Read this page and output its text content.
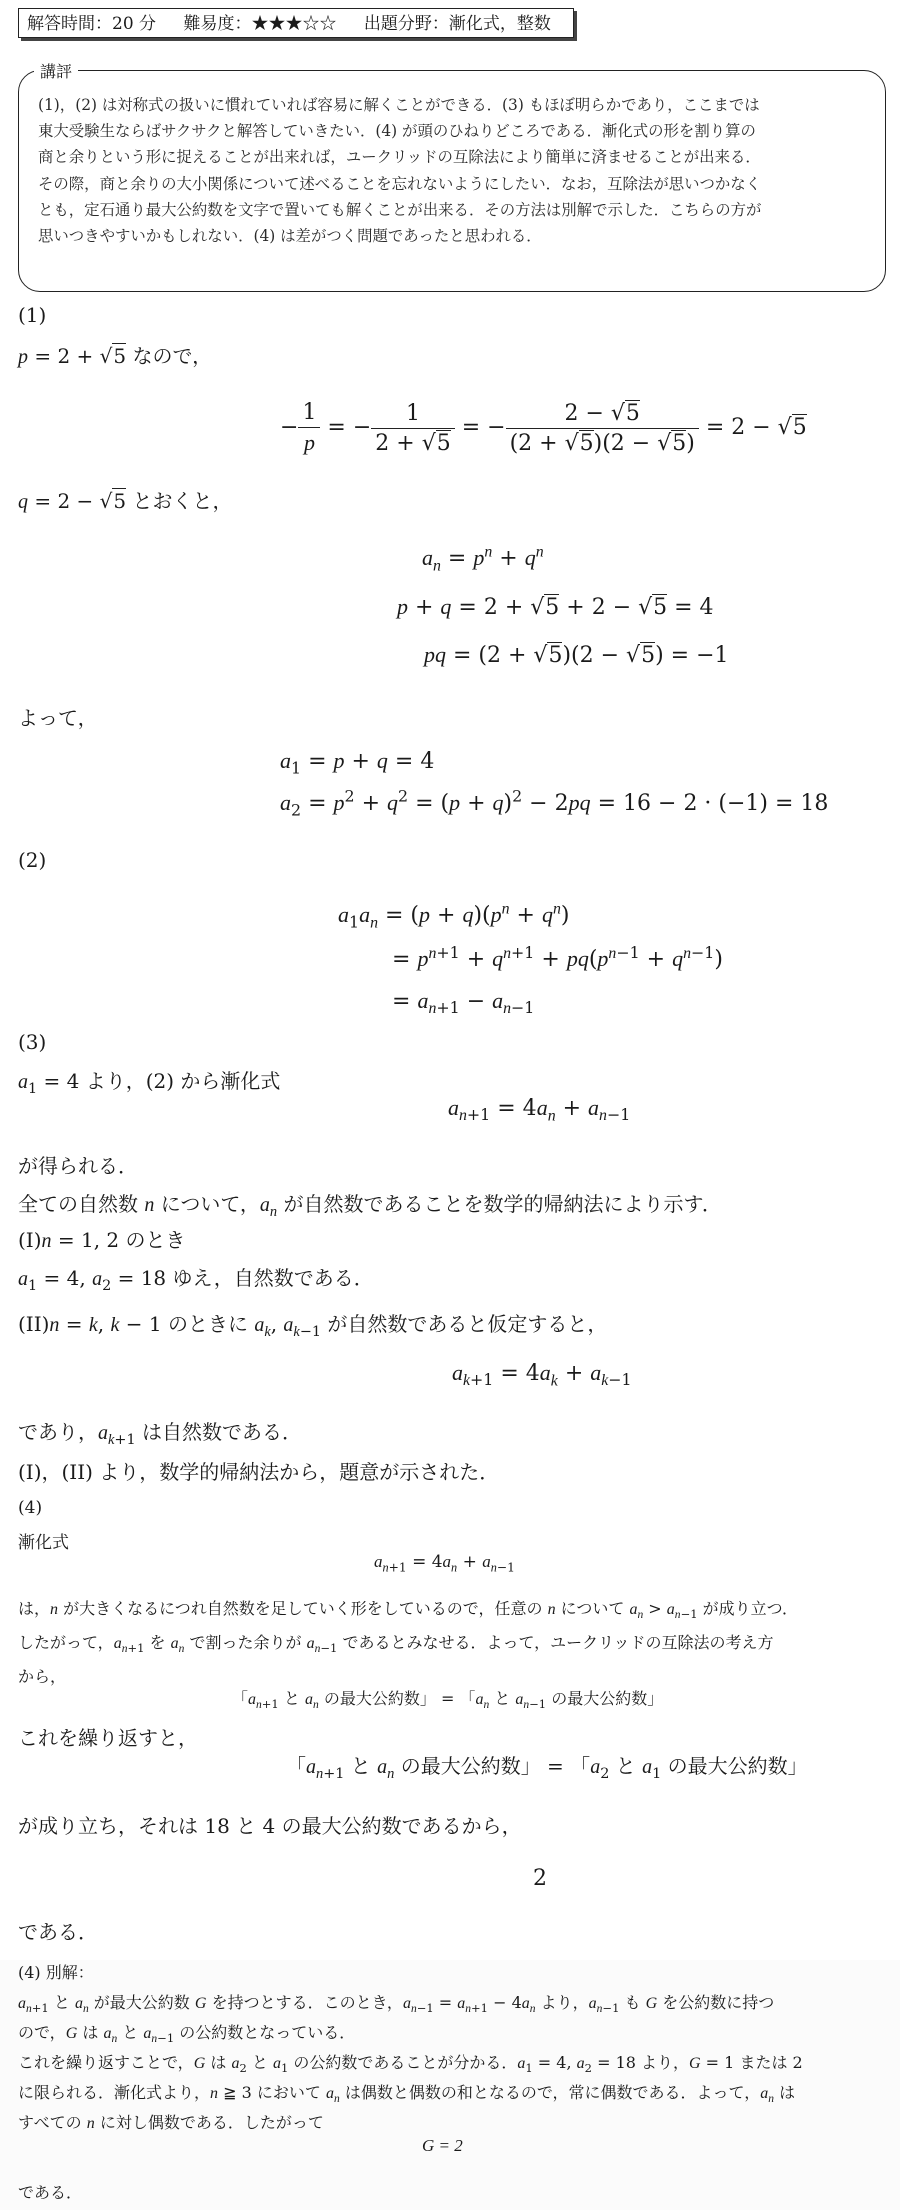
解答時間：20 分 難易度：★★★☆☆ 出題分野：漸化式，整数
講評
(1)，(2) は対称式の扱いに慣れていれば容易に解くことができる．(3) もほぼ明らかであり，ここまでは
東大受験生ならばサクサクと解答していきたい．(4) が頭のひねりどころである．漸化式の形を割り算の
商と余りという形に捉えることが出来れば，ユークリッドの互除法により簡単に済ませることが出来る．
その際，商と余りの大小関係について述べることを忘れないようにしたい．なお，互除法が思いつかなく
とも，定石通り最大公約数を文字で置いても解くことが出来る．その方法は別解で示した．こちらの方が
思いつきやすいかもしれない．(4) は差がつく問題であったと思われる．
(1)
p = 2 + √5 なので，
− $\frac{1}{p}$ = − $\frac{1}{2 + √5}$ = − $\frac{2 - √5}{(2 + √5)(2 - √5)} = 2 - √5$
q = 2 − √5 とおくと，
$a_n = p^n + q^n$
p + q = 2 + √5 + 2 − √5 = 4
pq = (2 + √5)(2 − √5) = −1
よって，
$a_1 = p + q = 4$
$a_2 = p^2 + q^2 = (p + q)^2 - 2pq = 16 - 2 \cdot (-1) = 18$
(2)
$a_1a_n = (p + q)(p^n + q^n)$
= $p^{n+1} + q^{n+1} + pq(p^{n-1} + q^{n-1})$
= $a_{n+1} - a_{n-1}$
(3)
$a_1 = 4$ より，(2) から漸化式
$a_{n+1} = 4a_n + a_{n-1}$
が得られる．
全ての自然数 n について，$a_n$ が自然数であることを数学的帰納法により示す．
(I)n = 1, 2 のとき
$a_1 = 4$, $a_2 = 18$ ゆえ，自然数である．
(II)n = k, k − 1 のときに $a_k$, $a_{k-1}$ が自然数であると仮定すると，
$a_{k+1} = 4a_k + a_{k-1}$
であり，$a_{k+1}$ は自然数である．
(I)，(II) より，数学的帰納法から，題意が示された．
(4)
漸化式
$a_{n+1} = 4a_n + a_{n-1}$
は，n が大きくなるにつれ自然数を足していく形をしているので，任意の n について $a_n > a_{n-1}$ が成り立つ．
したがって，$a_{n+1}$ を $a_n$ で割った余りが $a_{n-1}$ であるとみなせる．よって，ユークリッドの互除法の考え方
から，
「$a_{n+1}$ と $a_n$ の最大公約数」 = 「$a_n$ と $a_{n-1}$ の最大公約数」
これを繰り返すと，
「$a_{n+1}$ と $a_n$ の最大公約数」 = 「$a_2$ と $a_1$ の最大公約数」
が成り立ち，それは 18 と 4 の最大公約数であるから，
2
である．
(4) 別解：
$a_{n+1}$ と $a_n$ が最大公約数 G を持つとする．このとき，$a_{n-1} = a_{n+1} - 4a_n$ より，$a_{n-1}$ も G を公約数に持つ
ので，G は $a_n$ と $a_{n-1}$ の公約数となっている．
これを繰り返すことで，G は $a_2$ と $a_1$ の公約数であることが分かる．$a_1 = 4$, $a_2 = 18$ より，G = 1 または 2
に限られる．漸化式より，n ≧ 3 において $a_n$ は偶数と偶数の和となるので，常に偶数である．よって，$a_n$ は
すべての n に対し偶数である．したがって
G = 2
である．
